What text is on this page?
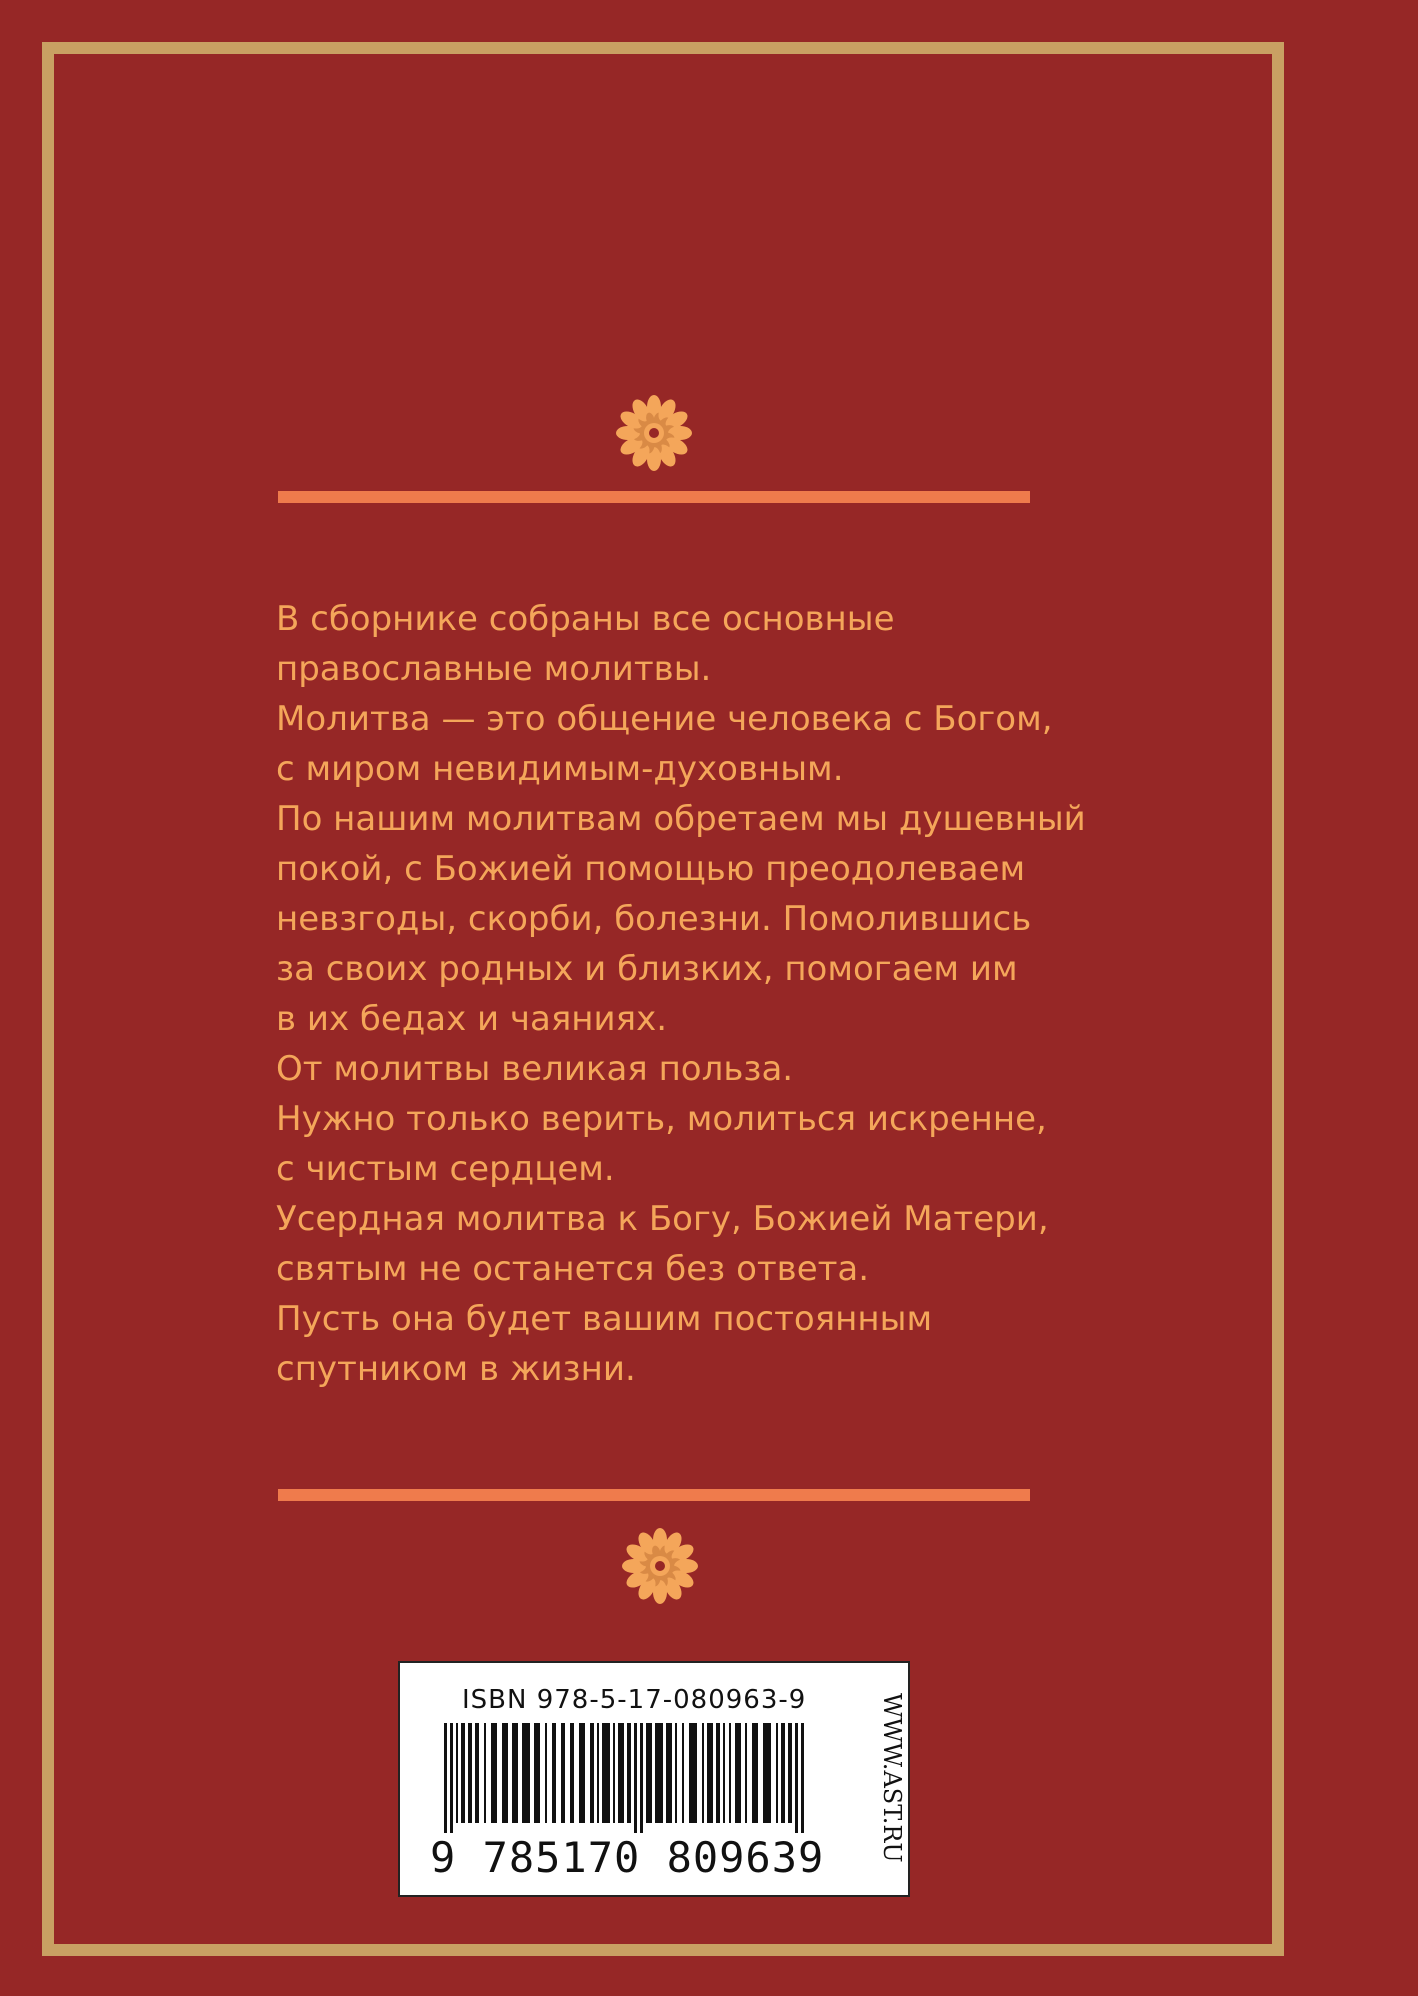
В сборнике собраны все основные
православные молитвы.
Молитва — это общение человека с Богом,
с миром невидимым-духовным.
По нашим молитвам обретаем мы душевный
покой, с Божией помощью преодолеваем
невзгоды, скорби, болезни. Помолившись
за своих родных и близких, помогаем им
в их бедах и чаяниях.
От молитвы великая польза.
Нужно только верить, молиться искренне,
с чистым сердцем.
Усердная молитва к Богу, Божией Матери,
святым не останется без ответа.
Пусть она будет вашим постоянным
спутником в жизни.
ISBN 978-5-17-080963-9
9 785170 809639 WWW.AST.RU
